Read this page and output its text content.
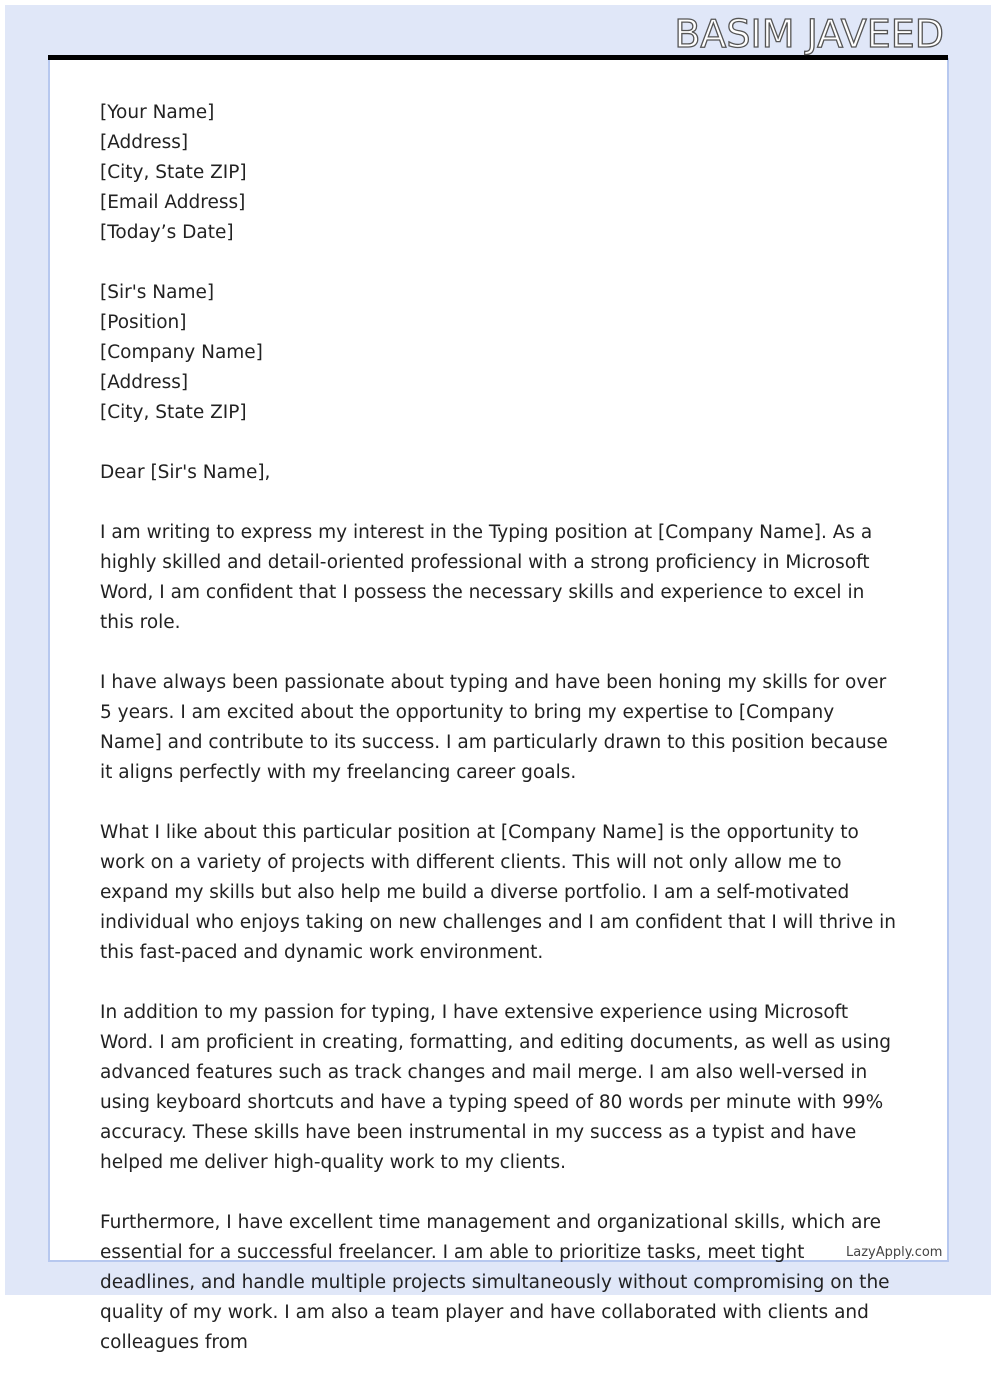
BASIM JAVEED
[Your Name]
[Address]
[City, State ZIP]
[Email Address]
[Today’s Date]
[Sir's Name]
[Position]
[Company Name]
[Address]
[City, State ZIP]

Dear [Sir's Name],

I am writing to express my interest in the Typing position at [Company Name]. As a highly skilled and detail-oriented professional with a strong proficiency in Microsoft Word, I am confident that I possess the necessary skills and experience to excel in this role.

I have always been passionate about typing and have been honing my skills for over 5 years. I am excited about the opportunity to bring my expertise to [Company Name] and contribute to its success. I am particularly drawn to this position because it aligns perfectly with my freelancing career goals.

What I like about this particular position at [Company Name] is the opportunity to work on a variety of projects with different clients. This will not only allow me to expand my skills but also help me build a diverse portfolio. I am a self-motivated individual who enjoys taking on new challenges and I am confident that I will thrive in this fast-paced and dynamic work environment.

In addition to my passion for typing, I have extensive experience using Microsoft Word. I am proficient in creating, formatting, and editing documents, as well as using advanced features such as track changes and mail merge. I am also well-versed in using keyboard shortcuts and have a typing speed of 80 words per minute with 99% accuracy. These skills have been instrumental in my success as a typist and have helped me deliver high-quality work to my clients.

Furthermore, I have excellent time management and organizational skills, which are essential for a successful freelancer. I am able to prioritize tasks, meet tight deadlines, and handle multiple projects simultaneously without compromising on the quality of my work. I am also a team player and have collaborated with clients and colleagues from

LazyApply.com
